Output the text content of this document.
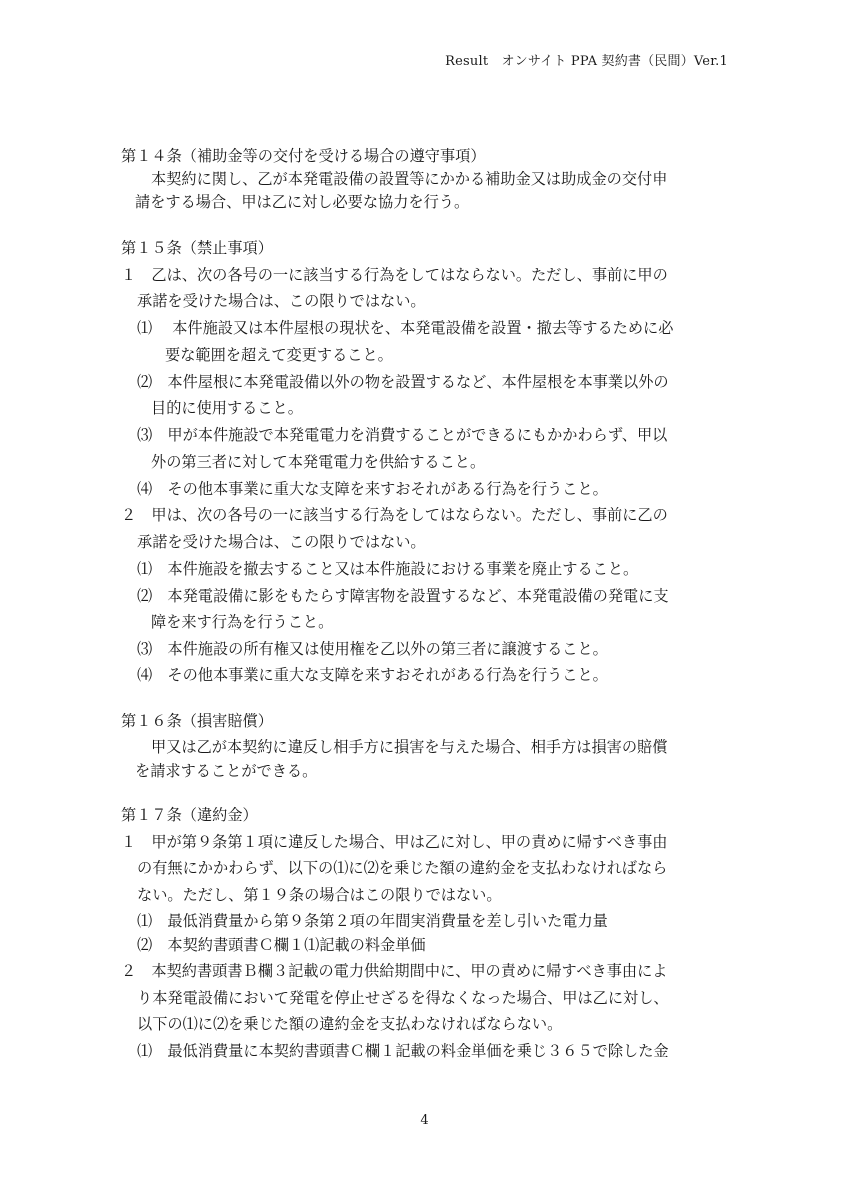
Result　オンサイト PPA 契約書（民間）Ver.1
第１４条（補助金等の交付を受ける場合の遵守事項）
本契約に関し、乙が本発電設備の設置等にかかる補助金又は助成金の交付申
請をする場合、甲は乙に対し必要な協力を行う。
第１５条（禁止事項）
１　乙は、次の各号の一に該当する行為をしてはならない。ただし、事前に甲の
承諾を受けた場合は、この限りではない。
⑴　 本件施設又は本件屋根の現状を、本発電設備を設置・撤去等するために必
要な範囲を超えて変更すること。
⑵　本件屋根に本発電設備以外の物を設置するなど、本件屋根を本事業以外の
目的に使用すること。
⑶　甲が本件施設で本発電電力を消費することができるにもかかわらず、甲以
外の第三者に対して本発電電力を供給すること。
⑷　その他本事業に重大な支障を来すおそれがある行為を行うこと。
２　甲は、次の各号の一に該当する行為をしてはならない。ただし、事前に乙の
承諾を受けた場合は、この限りではない。
⑴　本件施設を撤去すること又は本件施設における事業を廃止すること。
⑵　本発電設備に影をもたらす障害物を設置するなど、本発電設備の発電に支
障を来す行為を行うこと。
⑶　本件施設の所有権又は使用権を乙以外の第三者に譲渡すること。
⑷　その他本事業に重大な支障を来すおそれがある行為を行うこと。
第１６条（損害賠償）
甲又は乙が本契約に違反し相手方に損害を与えた場合、相手方は損害の賠償
を請求することができる。
第１７条（違約金）
１　甲が第９条第１項に違反した場合、甲は乙に対し、甲の責めに帰すべき事由
の有無にかかわらず、以下の⑴に⑵を乗じた額の違約金を支払わなければなら
ない。ただし、第１９条の場合はこの限りではない。
⑴　最低消費量から第９条第２項の年間実消費量を差し引いた電力量
⑵　本契約書頭書Ｃ欄１⑴記載の料金単価
２　本契約書頭書Ｂ欄３記載の電力供給期間中に、甲の責めに帰すべき事由によ
り本発電設備において発電を停止せざるを得なくなった場合、甲は乙に対し、
以下の⑴に⑵を乗じた額の違約金を支払わなければならない。
⑴　最低消費量に本契約書頭書Ｃ欄１記載の料金単価を乗じ３６５で除した金
4
